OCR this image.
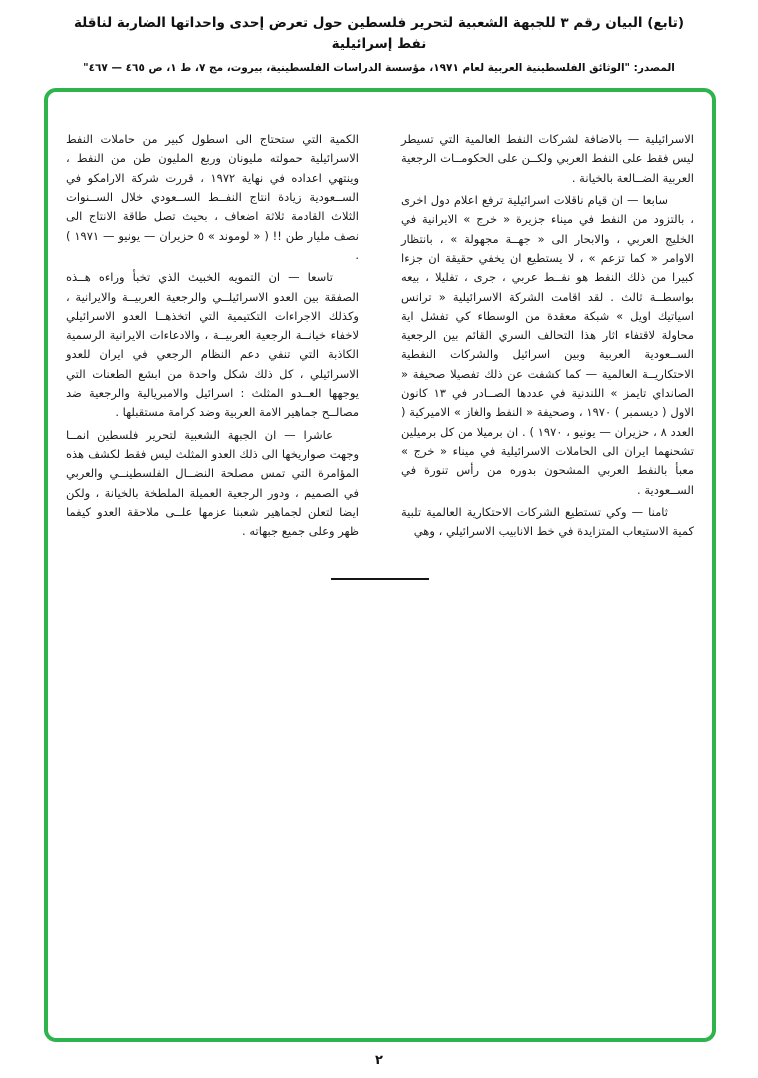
(تابع) البيان رقم ٣ للجبهة الشعبية لتحرير فلسطين حول تعرض إحدى واحداتها الضاربة لناقلة نفط إسرائيلية
المصدر: "الوثائق الفلسطينية العربية لعام ١٩٧١، مؤسسة الدراسات الفلسطينية، بيروت، مج ٧، ط ١، ص ٤٦٥ — ٤٦٧"

الاسرائيلية — بالاضافة لشركات النفط العالمية التي تسيطر ليس فقط على النفط العربي ولكــن على الحكومــات الرجعية العربية الضــالعة بالخيانة .

سابعا — ان قيام ناقلات اسرائيلية ترفع اعلام دول اخرى ، بالتزود من النفط في ميناء جزيرة « خرج » الايرانية في الخليج العربي ، والابحار الى « جهــة مجهولة » ، بانتظار الاوامر « كما تزعم » ، لا يستطيع ان يخفي حقيقة ان جزءا كبيرا من ذلك النفط هو نفــط عربي ، جرى ، تفليلا ، بيعه بواسطــة ثالث . لقد اقامت الشركة الاسرائيلية « ترانس اسياتيك اويل » شبكة معقدة من الوسطاء كي تفشل اية محاولة لاقتفاء اثار هذا التحالف السري القائم بين الرجعية الســعودية العربية وبين اسرائيل والشركات النفطية الاحتكاريــة العالمية — كما كشفت عن ذلك تفصيلا صحيفة « الصانداي تايمز » اللندنية في عددها الصــادر في ١٣ كانون الاول ( ديسمبر ) ١٩٧٠ ، وصحيفة « النفط والغاز » الاميركية ( العدد ٨ ، حزيران — يونيو ، ١٩٧٠ ) . ان برميلا من كل برميلين تشحنهما ايران الى الحاملات الاسرائيلية في ميناء « خرج » معبأ بالنفط العربي المشحون بدوره من رأس تنورة في الســعودية .

ثامنا — وكي تستطيع الشركات الاحتكارية العالمية تلبية كمية الاستيعاب المتزايدة في خط الانابيب الاسرائيلي ، وهي

الكمية التي ستحتاج الى اسطول كبير من حاملات النفط الاسرائيلية حمولته مليونان وربع المليون طن من النفط ، وينتهي اعداده في نهاية ١٩٧٢ ، قررت شركة الارامكو في الســعودية زيادة انتاج النفــط الســعودي خلال الســنوات الثلاث القادمة ثلاثة اضعاف ، بحيث تصل طاقة الانتاج الى نصف مليار طن !! ( « لوموند » ٥ حزيران — يونيو — ١٩٧١ ) .

تاسعا — ان التمويه الخبيث الذي تخبأ وراءه هــذه الصفقة بين العدو الاسرائيلــي والرجعية العربيــة والايرانية ، وكذلك الاجراءات التكتيمية التي اتخذهــا العدو الاسرائيلي لاخفاء خيانــة الرجعية العربيــة ، والادعاءات الايرانية الرسمية الكاذبة التي تنفي دعم النظام الرجعي في ايران للعدو الاسرائيلي ، كل ذلك شكل واحدة من ابشع الطعنات التي يوجهها العــدو المثلث : اسرائيل والامبريالية والرجعية ضد مصالــح جماهير الامة العربية وضد كرامة مستقبلها .

عاشرا — ان الجبهة الشعبية لتحرير فلسطين انمــا وجهت صواريخها الى ذلك العدو المثلث ليس فقط لكشف هذه المؤامرة التي تمس مصلحة النضــال الفلسطينــي والعربي في الصميم ، ودور الرجعية العميلة الملطخة بالخيانة ، ولكن ايضا لتعلن لجماهير شعبنا عزمها علــى ملاحقة العدو كيفما ظهر وعلى جميع جبهاته .

٢
